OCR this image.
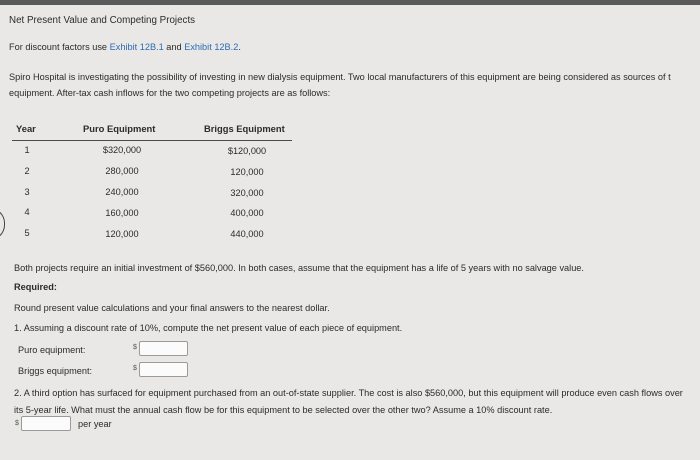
Net Present Value and Competing Projects
For discount factors use Exhibit 12B.1 and Exhibit 12B.2.
Spiro Hospital is investigating the possibility of investing in new dialysis equipment. Two local manufacturers of this equipment are being considered as sources of t
equipment. After-tax cash inflows for the two competing projects are as follows:
Year	Puro Equipment	Briggs Equipment
1	$320,000	$120,000
2	280,000	120,000
3	240,000	320,000
4	160,000	400,000
5	120,000	440,000
Both projects require an initial investment of $560,000. In both cases, assume that the equipment has a life of 5 years with no salvage value.
Required:
Round present value calculations and your final answers to the nearest dollar.
1. Assuming a discount rate of 10%, compute the net present value of each piece of equipment.
Puro equipment:	$
Briggs equipment:	$
2. A third option has surfaced for equipment purchased from an out-of-state supplier. The cost is also $560,000, but this equipment will produce even cash flows over
its 5-year life. What must the annual cash flow be for this equipment to be selected over the other two? Assume a 10% discount rate.
$	per year
